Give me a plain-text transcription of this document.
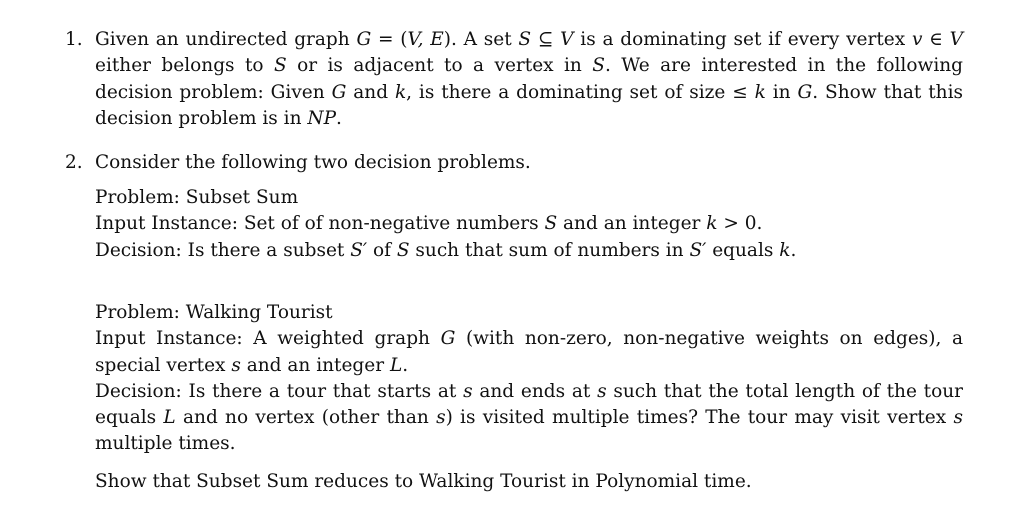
1. Given an undirected graph G = (V, E). A set S ⊆ V is a dominating set if every vertex v ∈ V either belongs to S or is adjacent to a vertex in S. We are interested in the following decision problem: Given G and k, is there a dominating set of size ≤ k in G. Show that this decision problem is in NP.

2. Consider the following two decision problems.

Problem: Subset Sum

Input Instance: Set of of non-negative numbers S and an integer k > 0.

Decision: Is there a subset S′ of S such that sum of numbers in S′ equals k.

Problem: Walking Tourist

Input Instance: A weighted graph G (with non-zero, non-negative weights on edges), a special vertex s and an integer L.

Decision: Is there a tour that starts at s and ends at s such that the total length of the tour equals L and no vertex (other than s) is visited multiple times? The tour may visit vertex s multiple times.

Show that Subset Sum reduces to Walking Tourist in Polynomial time.
